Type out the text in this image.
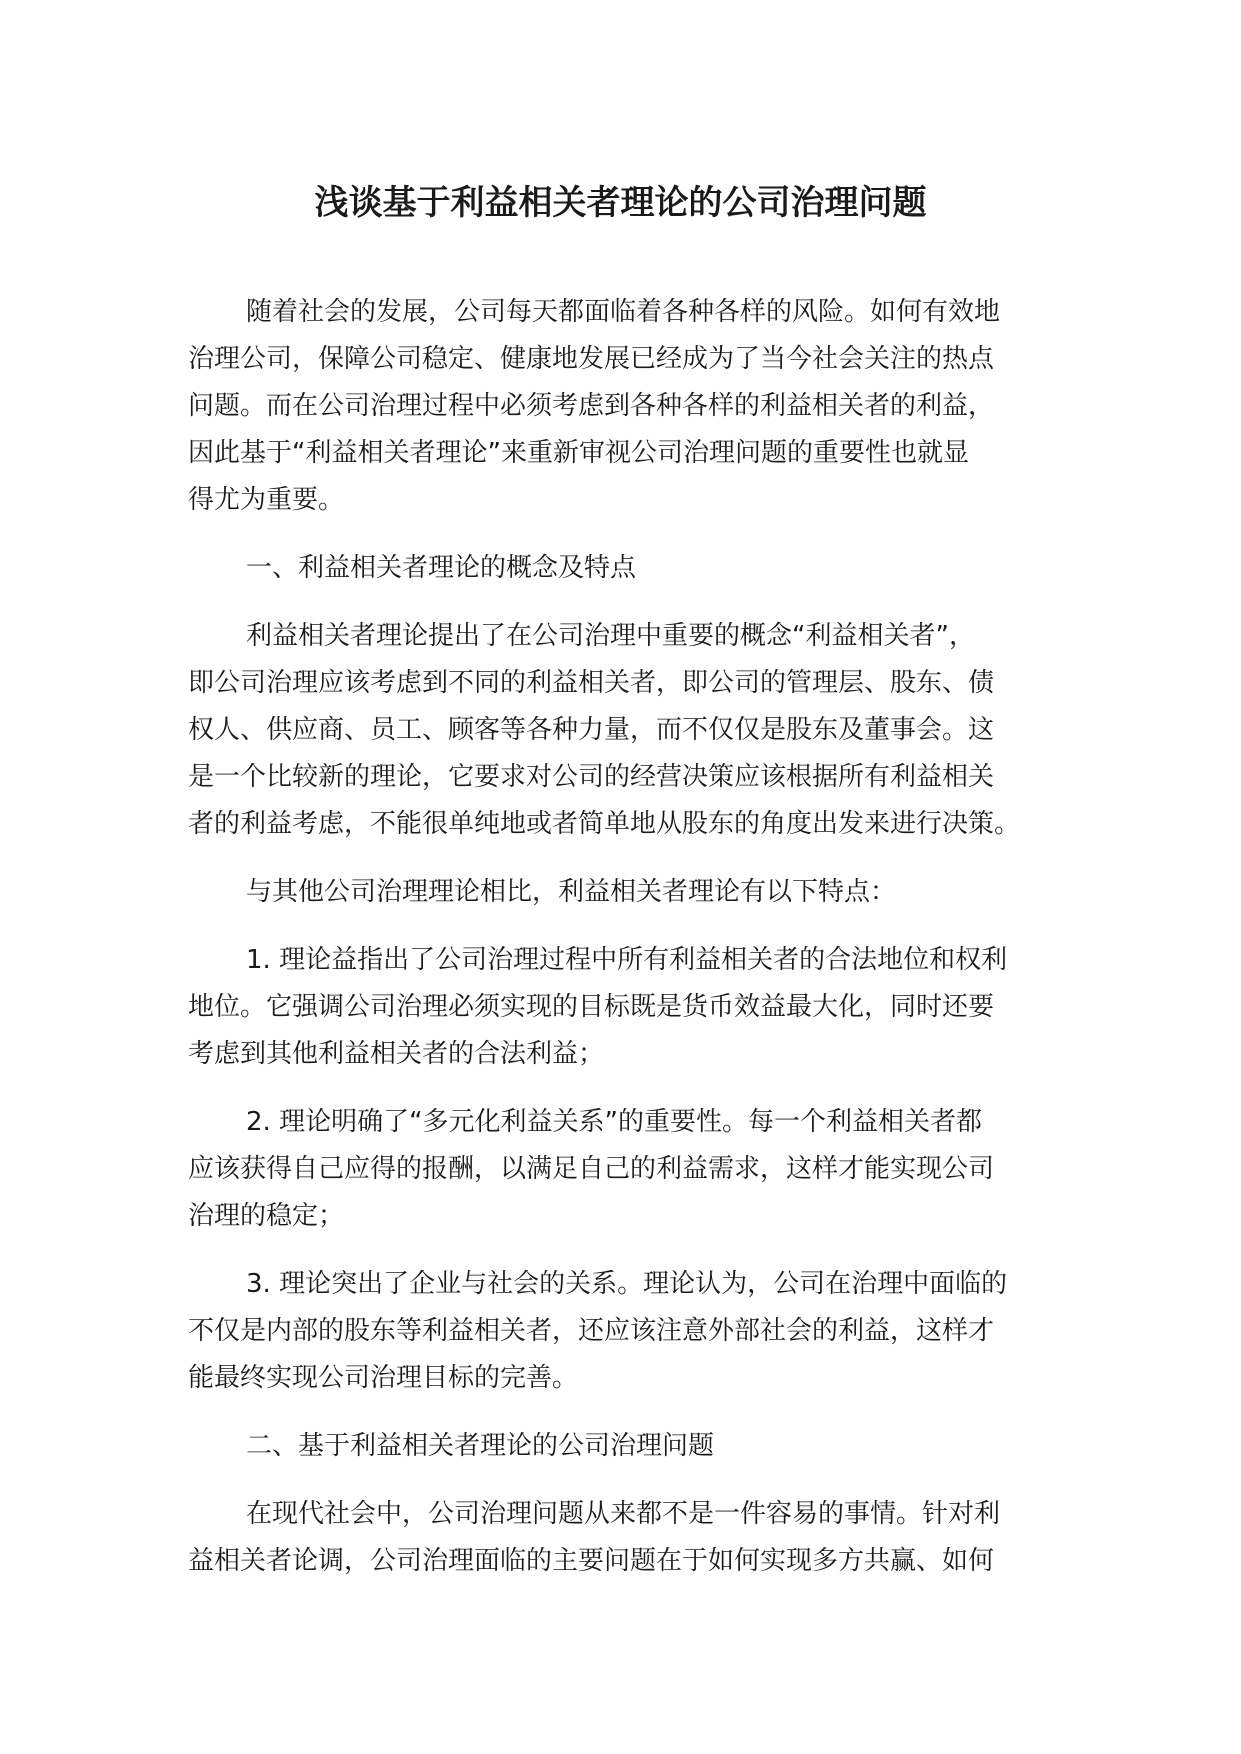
浅谈基于利益相关者理论的公司治理问题

随着社会的发展，公司每天都面临着各种各样的风险。如何有效地
治理公司，保障公司稳定、健康地发展已经成为了当今社会关注的热点
问题。而在公司治理过程中必须考虑到各种各样的利益相关者的利益，
因此基于“利益相关者理论”来重新审视公司治理问题的重要性也就显
得尤为重要。

一、利益相关者理论的概念及特点

利益相关者理论提出了在公司治理中重要的概念“利益相关者”，
即公司治理应该考虑到不同的利益相关者，即公司的管理层、股东、债
权人、供应商、员工、顾客等各种力量，而不仅仅是股东及董事会。这
是一个比较新的理论，它要求对公司的经营决策应该根据所有利益相关
者的利益考虑，不能很单纯地或者简单地从股东的角度出发来进行决策。

与其他公司治理理论相比，利益相关者理论有以下特点：

1. 理论益指出了公司治理过程中所有利益相关者的合法地位和权利
地位。它强调公司治理必须实现的目标既是货币效益最大化，同时还要
考虑到其他利益相关者的合法利益；

2. 理论明确了“多元化利益关系”的重要性。每一个利益相关者都
应该获得自己应得的报酬，以满足自己的利益需求，这样才能实现公司
治理的稳定；

3. 理论突出了企业与社会的关系。理论认为，公司在治理中面临的
不仅是内部的股东等利益相关者，还应该注意外部社会的利益，这样才
能最终实现公司治理目标的完善。

二、基于利益相关者理论的公司治理问题

在现代社会中，公司治理问题从来都不是一件容易的事情。针对利
益相关者论调，公司治理面临的主要问题在于如何实现多方共赢、如何
